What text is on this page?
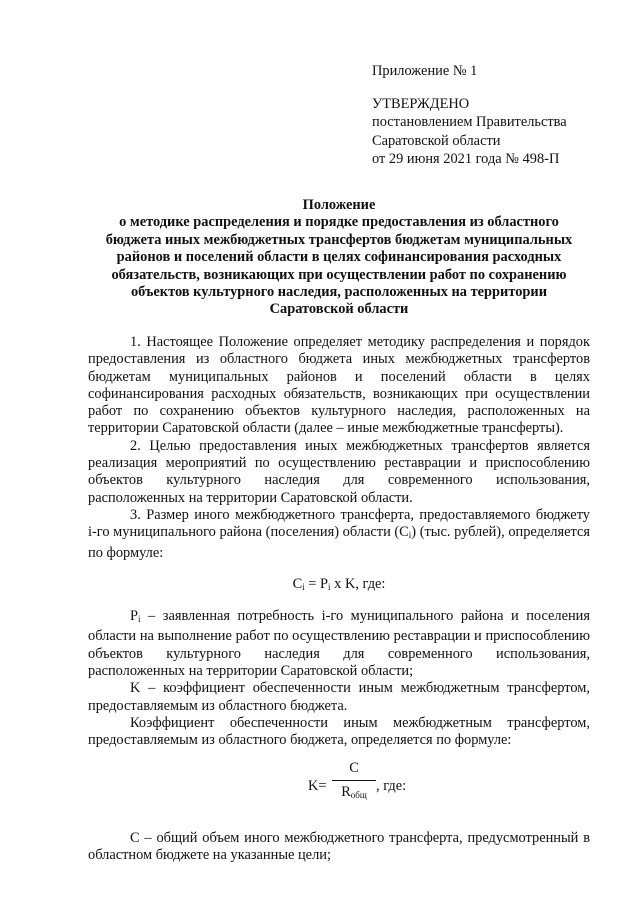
Приложение № 1
УТВЕРЖДЕНО
постановлением Правительства
Саратовской области
от 29 июня 2021 года № 498-П
Положение
о методике распределения и порядке предоставления из областного
бюджета иных межбюджетных трансфертов бюджетам муниципальных
районов и поселений области в целях софинансирования расходных
обязательств, возникающих при осуществлении работ по сохранению
объектов культурного наследия, расположенных на территории
Саратовской области

1. Настоящее Положение определяет методику распределения и порядок предоставления из областного бюджета иных межбюджетных трансфертов бюджетам муниципальных районов и поселений области в целях софинансирования расходных обязательств, возникающих при осуществлении работ по сохранению объектов культурного наследия, расположенных на территории Саратовской области (далее – иные межбюджетные трансферты).

2. Целью предоставления иных межбюджетных трансфертов является реализация мероприятий по осуществлению реставрации и приспособлению объектов культурного наследия для современного использования, расположенных на территории Саратовской области.

3. Размер иного межбюджетного трансферта, предоставляемого бюджету i-го муниципального района (поселения) области $(C_i)$ (тыс. рублей), определяется по формуле:

$C_i = P_i$ x K, где:

$P_i$ – заявленная потребность i-го муниципального района и поселения области на выполнение работ по осуществлению реставрации и приспособлению объектов культурного наследия для современного использования, расположенных на территории Саратовской области;

K – коэффициент обеспеченности иным межбюджетным трансфертом, предоставляемым из областного бюджета.

Коэффициент обеспеченности иным межбюджетным трансфертом, предоставляемым из областного бюджета, определяется по формуле:

K=
C
$R_{общ}$
, где:

C – общий объем иного межбюджетного трансферта, предусмотренный в областном бюджете на указанные цели;
